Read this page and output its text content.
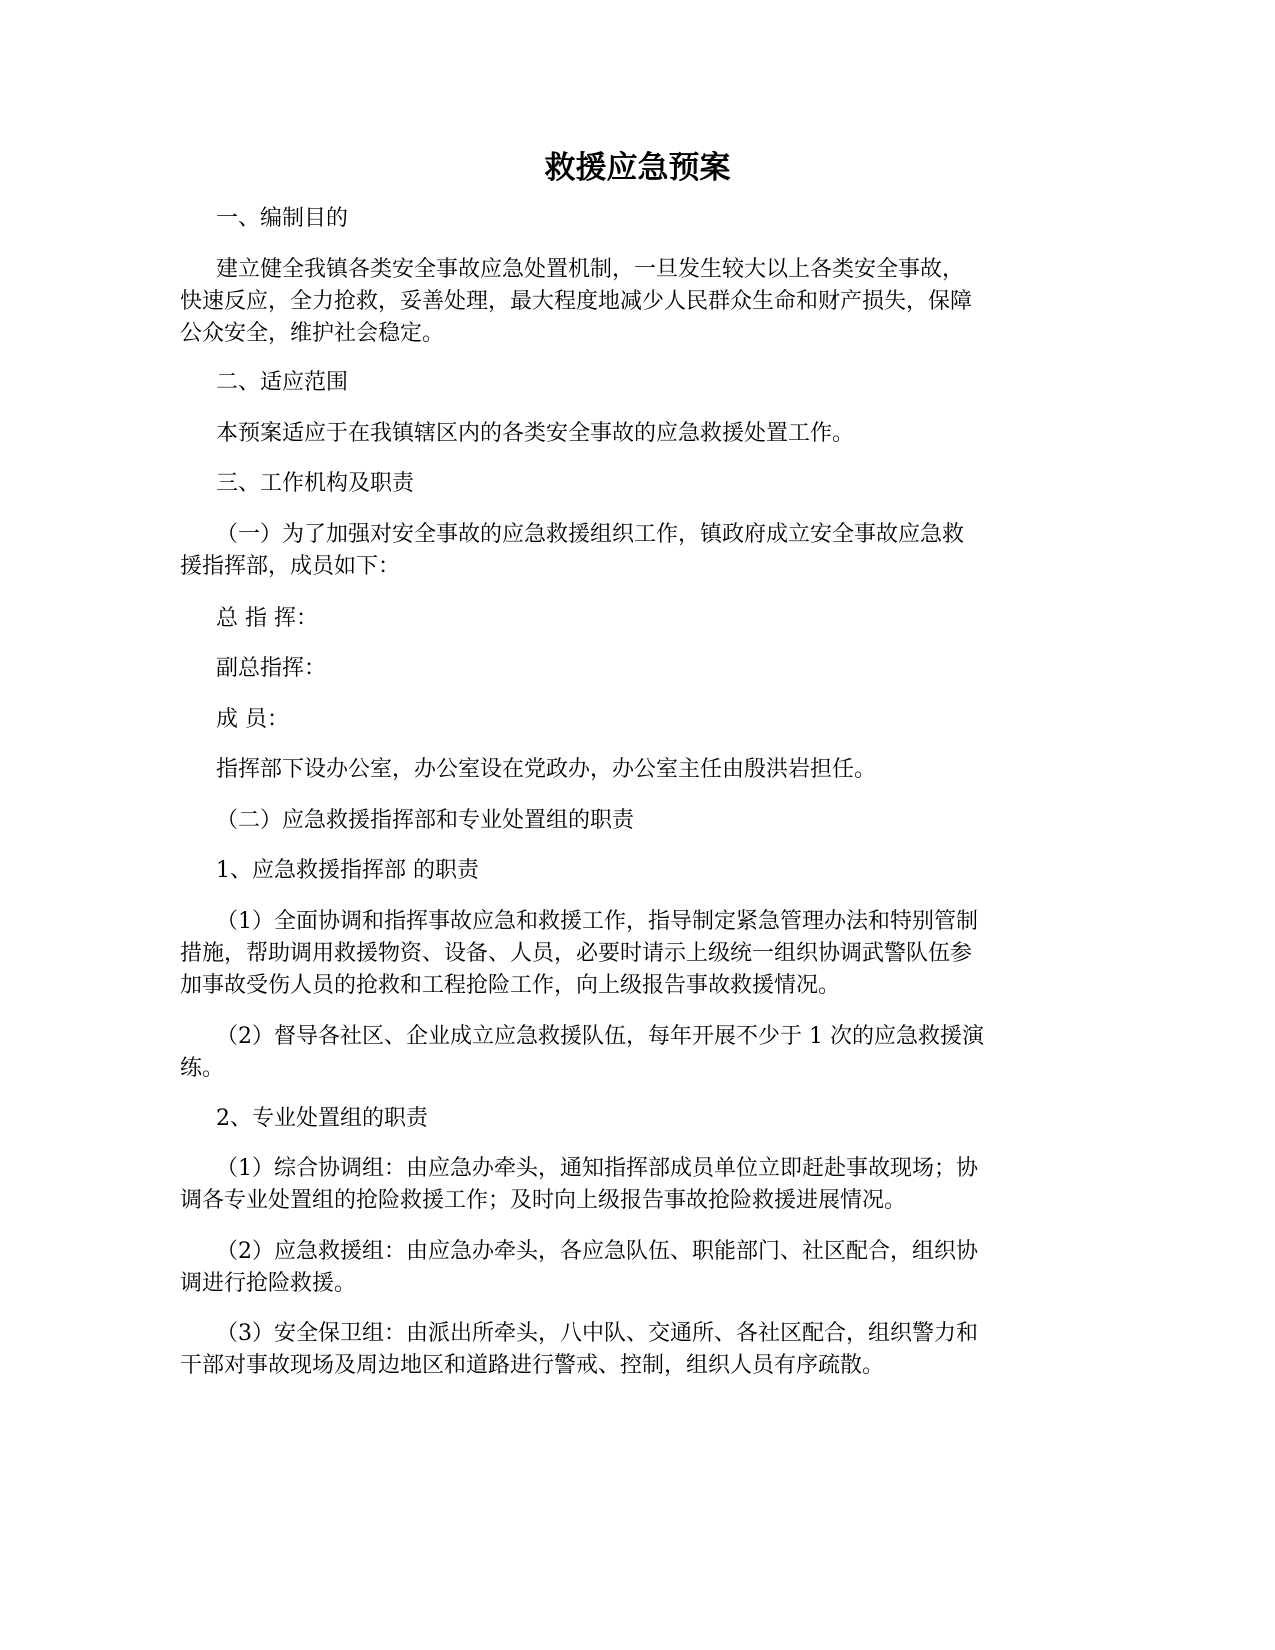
救援应急预案
一、编制目的
建立健全我镇各类安全事故应急处置机制，一旦发生较大以上各类安全事故，
快速反应，全力抢救，妥善处理，最大程度地减少人民群众生命和财产损失，保障
公众安全，维护社会稳定。
二、适应范围
本预案适应于在我镇辖区内的各类安全事故的应急救援处置工作。
三、工作机构及职责
（一）为了加强对安全事故的应急救援组织工作，镇政府成立安全事故应急救
援指挥部，成员如下：
总 指 挥：
副总指挥：
成 员：
指挥部下设办公室，办公室设在党政办，办公室主任由殷洪岩担任。
（二）应急救援指挥部和专业处置组的职责
1、应急救援指挥部 的职责
（1）全面协调和指挥事故应急和救援工作，指导制定紧急管理办法和特别管制
措施，帮助调用救援物资、设备、人员，必要时请示上级统一组织协调武警队伍参
加事故受伤人员的抢救和工程抢险工作，向上级报告事故救援情况。
（2）督导各社区、企业成立应急救援队伍，每年开展不少于 1 次的应急救援演
练。
2、专业处置组的职责
（1）综合协调组：由应急办牵头，通知指挥部成员单位立即赶赴事故现场；协
调各专业处置组的抢险救援工作；及时向上级报告事故抢险救援进展情况。
（2）应急救援组：由应急办牵头，各应急队伍、职能部门、社区配合，组织协
调进行抢险救援。
（3）安全保卫组：由派出所牵头，八中队、交通所、各社区配合，组织警力和
干部对事故现场及周边地区和道路进行警戒、控制，组织人员有序疏散。
